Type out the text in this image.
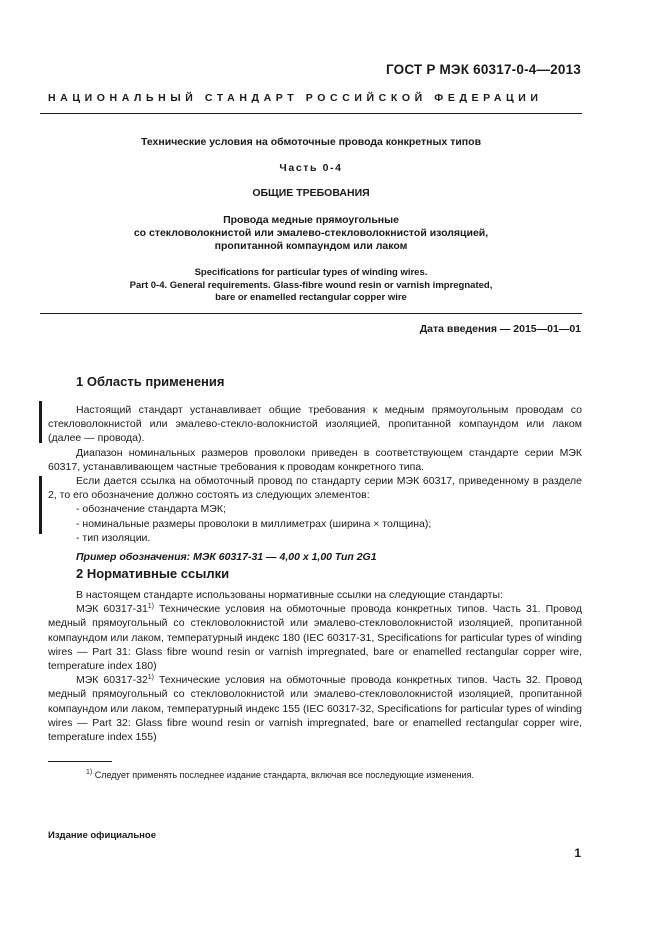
ГОСТ Р МЭК 60317-0-4—2013
НАЦИОНАЛЬНЫЙ СТАНДАРТ РОССИЙСКОЙ ФЕДЕРАЦИИ
Технические условия на обмоточные провода конкретных типов
Часть 0-4
ОБЩИЕ ТРЕБОВАНИЯ
Провода медные прямоугольные
со стекловолокнистой или эмалево-стекловолокнистой изоляцией,
пропитанной компаундом или лаком
Specifications for particular types of winding wires.
Part 0-4. General requirements. Glass-fibre wound resin or varnish impregnated,
bare or enamelled rectangular copper wire
Дата введения — 2015—01—01
1 Область применения

Настоящий стандарт устанавливает общие требования к медным прямоугольным проводам со стекловолокнистой или эмалево-стекло-волокнистой изоляцией, пропитанной компаундом или лаком (далее — провода).

Диапазон номинальных размеров проволоки приведен в соответствующем стандарте серии МЭК 60317, устанавливающем частные требования к проводам конкретного типа.

Если дается ссылка на обмоточный провод по стандарту серии МЭК 60317, приведенному в разделе 2, то его обозначение должно состоять из следующих элементов:

- обозначение стандарта МЭК;

- номинальные размеры проволоки в миллиметрах (ширина × толщина);

- тип изоляции.

Пример обозначения: МЭК 60317-31 — 4,00 х 1,00 Тип 2G1

2 Нормативные ссылки

В настоящем стандарте использованы нормативные ссылки на следующие стандарты:

МЭК 60317-31$^{1)}$ Технические условия на обмоточные провода конкретных типов. Часть 31. Провод медный прямоугольный со стекловолокнистой или эмалево-стекловолокнистой изоляцией, пропитанной компаундом или лаком, температурный индекс 180 (IEC 60317-31, Specifications for particular types of winding wires — Part 31: Glass fibre wound resin or varnish impregnated, bare or enamelled rectangular copper wire, temperature index 180)

МЭК 60317-32$^{1)}$ Технические условия на обмоточные провода конкретных типов. Часть 32. Провод медный прямоугольный со стекловолокнистой или эмалево-стекловолокнистой изоляцией, пропитанной компаундом или лаком, температурный индекс 155 (IEC 60317-32, Specifications for particular types of winding wires — Part 32: Glass fibre wound resin or varnish impregnated, bare or enamelled rectangular copper wire, temperature index 155)

$^{1)}$ Следует применять последнее издание стандарта, включая все последующие изменения.
Издание официальное
1
